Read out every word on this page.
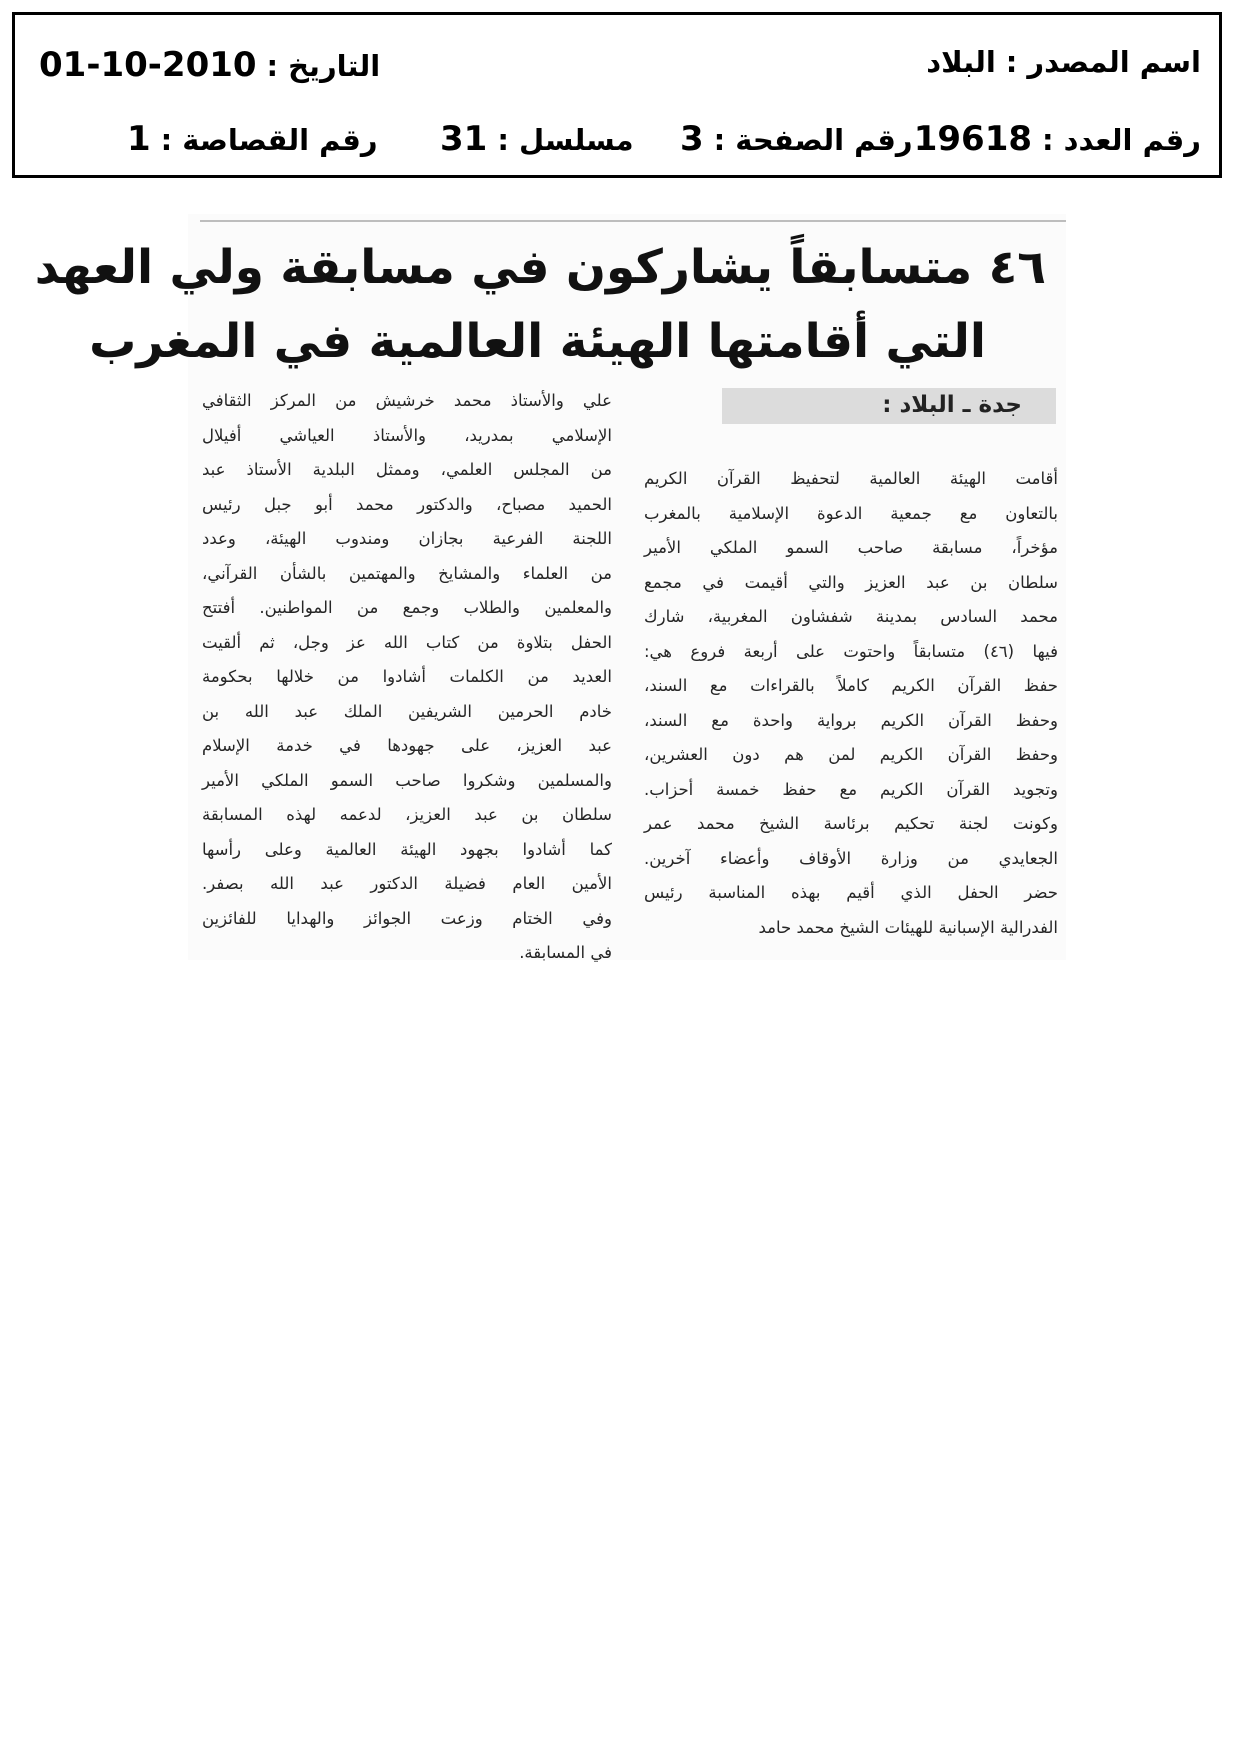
اسم المصدر:البلاد
التاريخ:2010-10-01
رقم العدد:19618
رقم الصفحة:3
مسلسل:31
رقم القصاصة:1
٤٦ متسابقاً يشاركون في مسابقة ولي العهد
التي أقامتها الهيئة العالمية في المغرب
جدة ـ البلاد :
أقامت الهيئة العالمية لتحفيظ القرآن الكريم
بالتعاون مع جمعية الدعوة الإسلامية بالمغرب
مؤخراً، مسابقة صاحب السمو الملكي الأمير
سلطان بن عبد العزيز والتي أقيمت في مجمع
محمد السادس بمدينة شفشاون المغربية، شارك
فيها (٤٦) متسابقاً واحتوت على أربعة فروع هي:
حفظ القرآن الكريم كاملاً بالقراءات مع السند،
وحفظ القرآن الكريم برواية واحدة مع السند،
وحفظ القرآن الكريم لمن هم دون العشرين،
وتجويد القرآن الكريم مع حفظ خمسة أحزاب.
وكونت لجنة تحكيم برئاسة الشيخ محمد عمر
الجعايدي من وزارة الأوقاف وأعضاء آخرين.
حضر الحفل الذي أقيم بهذه المناسبة رئيس
الفدرالية الإسبانية للهيئات الشيخ محمد حامد
علي والأستاذ محمد خرشيش من المركز الثقافي
الإسلامي بمدريد، والأستاذ العياشي أفيلال
من المجلس العلمي، وممثل البلدية الأستاذ عبد
الحميد مصباح، والدكتور محمد أبو جبل رئيس
اللجنة الفرعية بجازان ومندوب الهيئة، وعدد
من العلماء والمشايخ والمهتمين بالشأن القرآني،
والمعلمين والطلاب وجمع من المواطنين. أفتتح
الحفل بتلاوة من كتاب الله عز وجل، ثم ألقيت
العديد من الكلمات أشادوا من خلالها بحكومة
خادم الحرمين الشريفين الملك عبد الله بن
عبد العزيز، على جهودها في خدمة الإسلام
والمسلمين وشكروا صاحب السمو الملكي الأمير
سلطان بن عبد العزيز، لدعمه لهذه المسابقة
كما أشادوا بجهود الهيئة العالمية وعلى رأسها
الأمين العام فضيلة الدكتور عبد الله بصفر.
وفي الختام وزعت الجوائز والهدايا للفائزين
في المسابقة.
